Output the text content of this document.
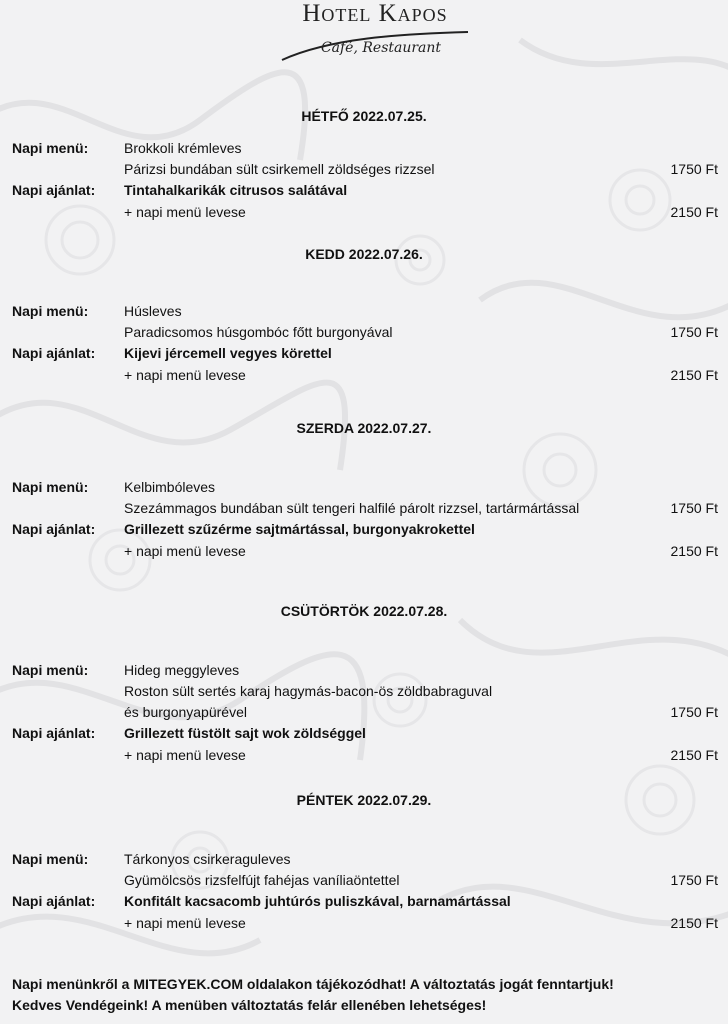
Hotel Kapos
Café, Restaurant
HÉTFŐ 2022.07.25.
Napi menü:	Brokkoli krémleves
Párizsi bundában sült csirkemell zöldséges rizzsel	1750 Ft
Napi ajánlat: Tintahalkarikák citrusos salátával
+ napi menü levese	2150 Ft
KEDD 2022.07.26.
Napi menü:	Húsleves
Paradicsomos húsgombóc főtt burgonyával	1750 Ft
Napi ajánlat: Kijevi jércemell vegyes körettel
+ napi menü levese	2150 Ft
SZERDA 2022.07.27.
Napi menü:	Kelbimbóleves
Szezámmagos bundában sült tengeri halfilé párolt rizzsel, tartármártással	1750 Ft
Napi ajánlat: Grillezett szűzérme sajtmártással, burgonyakrokettel
+ napi menü levese	2150 Ft
CSÜTÖRTÖK 2022.07.28.
Napi menü:	Hideg meggyleves
Roston sült sertés karaj hagymás-bacon-ös zöldbabraguval
és burgonyapürével	1750 Ft
Napi ajánlat: Grillezett füstölt sajt wok zöldséggel
+ napi menü levese	2150 Ft
PÉNTEK 2022.07.29.
Napi menü:	Tárkonyos csirkeraguleves
Gyümölcsös rizsfelfújt fahéjas vaníliaöntettel	1750 Ft
Napi ajánlat: Konfitált kacsacomb juhtúrós puliszkával, barnamártással
+ napi menü levese	2150 Ft
Napi menünkről a MITEGYEK.COM oldalakon tájékozódhat! A változtatás jogát fenntartjuk!
Kedves Vendégeink! A menüben változtatás felár ellenében lehetséges!
